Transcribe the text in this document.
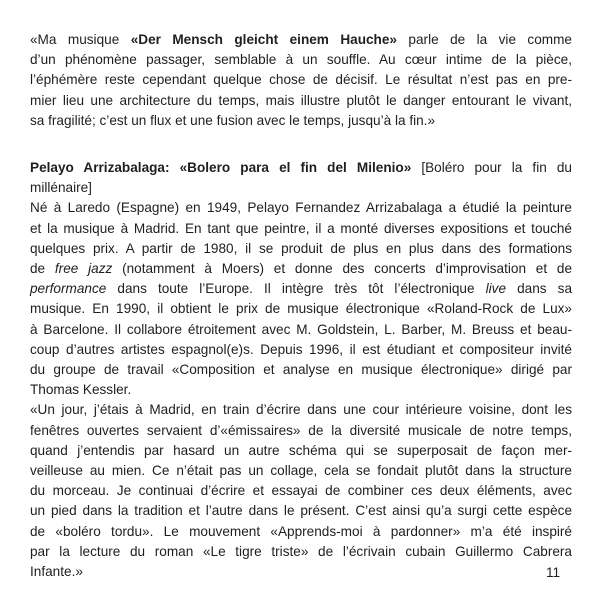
«Ma musique «Der Mensch gleicht einem Hauche» parle de la vie comme
d’un phénomène passager, semblable à un souffle. Au cœur intime de la pièce,
l’éphémère reste cependant quelque chose de décisif. Le résultat n’est pas en pre-
mier lieu une architecture du temps, mais illustre plutôt le danger entourant le vivant,
sa fragilité; c’est un flux et une fusion avec le temps, jusqu’à la fin.»
Pelayo Arrizabalaga: «Bolero para el fin del Milenio» [Boléro pour la fin du
millénaire]
Né à Laredo (Espagne) en 1949, Pelayo Fernandez Arrizabalaga a étudié la peinture
et la musique à Madrid. En tant que peintre, il a monté diverses expositions et touché
quelques prix. A partir de 1980, il se produit de plus en plus dans des formations
de free jazz (notamment à Moers) et donne des concerts d’improvisation et de
performance dans toute l’Europe. Il intègre très tôt l’électronique live dans sa
musique. En 1990, il obtient le prix de musique électronique «Roland-Rock de Lux»
à Barcelone. Il collabore étroitement avec M. Goldstein, L. Barber, M. Breuss et beau-
coup d’autres artistes espagnol(e)s. Depuis 1996, il est étudiant et compositeur invité
du groupe de travail «Composition et analyse en musique électronique» dirigé par
Thomas Kessler.
«Un jour, j’étais à Madrid, en train d’écrire dans une cour intérieure voisine, dont les
fenêtres ouvertes servaient d’«émissaires» de la diversité musicale de notre temps,
quand j’entendis par hasard un autre schéma qui se superposait de façon mer-
veilleuse au mien. Ce n’était pas un collage, cela se fondait plutôt dans la structure
du morceau. Je continuai d’écrire et essayai de combiner ces deux éléments, avec
un pied dans la tradition et l’autre dans le présent. C’est ainsi qu’a surgi cette espèce
de «boléro tordu». Le mouvement «Apprends-moi à pardonner» m’a été inspiré
par la lecture du roman «Le tigre triste» de l’écrivain cubain Guillermo Cabrera
Infante.»	11
